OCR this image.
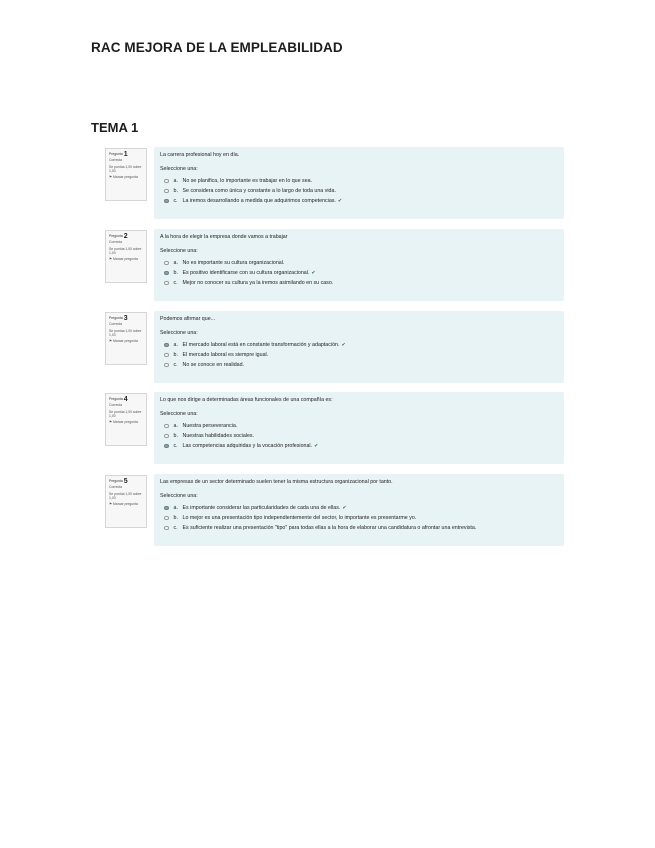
RAC MEJORA DE LA EMPLEABILIDAD
TEMA 1
Pregunta 1
Correcta
Se puntúa 1,00 sobre 1,00
⚑ Marcar pregunta
La carrera profesional hoy en día.
Seleccione una:
a. No se planifica, lo importante es trabajar en lo que sea.
b. Se considera como única y constante a lo largo de toda una vida.
c. La iremos desarrollando a medida que adquirimos competencias. ✔
Pregunta 2
Correcta
Se puntúa 1,00 sobre 1,00
⚑ Marcar pregunta
A la hora de elegir la empresa donde vamos a trabajar
Seleccione una:
a. No es importante su cultura organizacional.
b. Es positivo identificarse con su cultura organizacional. ✔
c. Mejor no conocer su cultura ya la iremos asimilando en su caso.
Pregunta 3
Correcta
Se puntúa 1,00 sobre 1,00
⚑ Marcar pregunta
Podemos afirmar que...
Seleccione una:
a. El mercado laboral está en constante transformación y adaptación. ✔
b. El mercado laboral es siempre igual.
c. No se conoce en realidad.
Pregunta 4
Correcta
Se puntúa 1,00 sobre 1,00
⚑ Marcar pregunta
Lo que nos dirige a determinadas áreas funcionales de una compañía es:
Seleccione una:
a. Nuestra perseverancia.
b. Nuestras habilidades sociales.
c. Las competencias adquiridas y la vocación profesional. ✔
Pregunta 5
Correcta
Se puntúa 1,00 sobre 1,00
⚑ Marcar pregunta
Las empresas de un sector determinado suelen tener la misma estructura organizacional por tanto.
Seleccione una:
a. Es importante considerar las particularidades de cada una de ellas. ✔
b. Lo mejor es una presentación tipo independientemente del sector, lo importante es presentarme yo.
c. Es suficiente realizar una presentación "tipo" para todas ellas a la hora de elaborar una candidatura o afrontar una entrevista.
